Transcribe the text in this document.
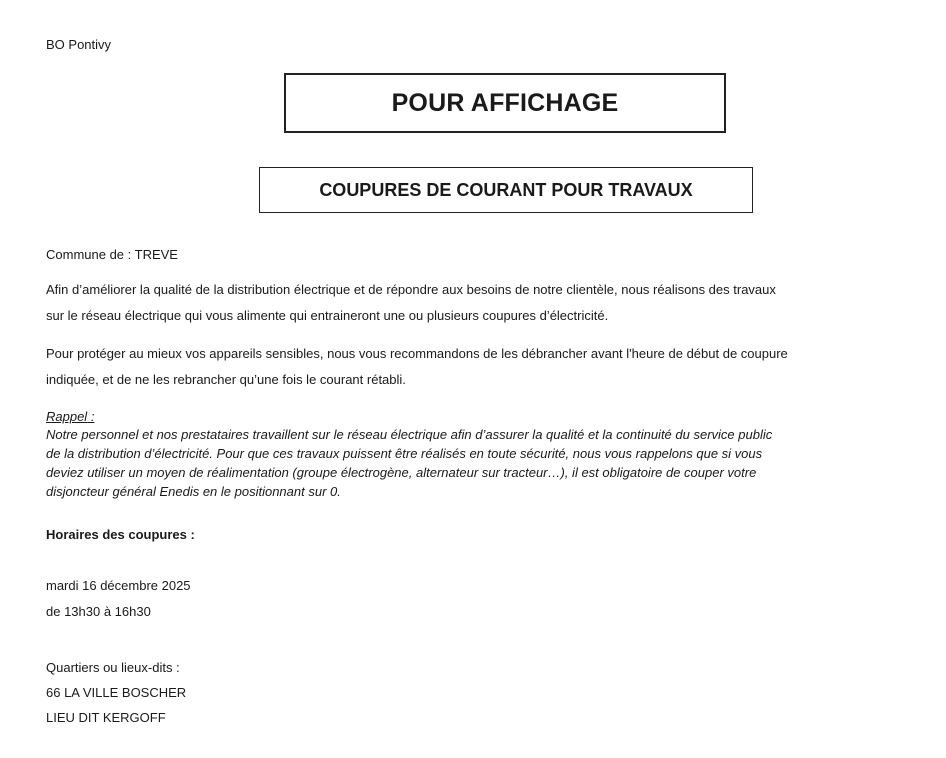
BO Pontivy
POUR AFFICHAGE
COUPURES DE COURANT POUR TRAVAUX
Commune de : TREVE
Afin d’améliorer la qualité de la distribution électrique et de répondre aux besoins de notre clientèle, nous réalisons des travaux
sur le réseau électrique qui vous alimente qui entraineront une ou plusieurs coupures d’électricité.
Pour protéger au mieux vos appareils sensibles, nous vous recommandons de les débrancher avant l'heure de début de coupure
indiquée, et de ne les rebrancher qu’une fois le courant rétabli.
Rappel :
Notre personnel et nos prestataires travaillent sur le réseau électrique afin d’assurer la qualité et la continuité du service public
de la distribution d’électricité. Pour que ces travaux puissent être réalisés en toute sécurité, nous vous rappelons que si vous
deviez utiliser un moyen de réalimentation (groupe électrogène, alternateur sur tracteur…), il est obligatoire de couper votre
disjoncteur général Enedis en le positionnant sur 0.
Horaires des coupures :
mardi 16 décembre 2025
de 13h30 à 16h30
Quartiers ou lieux-dits :
66 LA VILLE BOSCHER
LIEU DIT KERGOFF
